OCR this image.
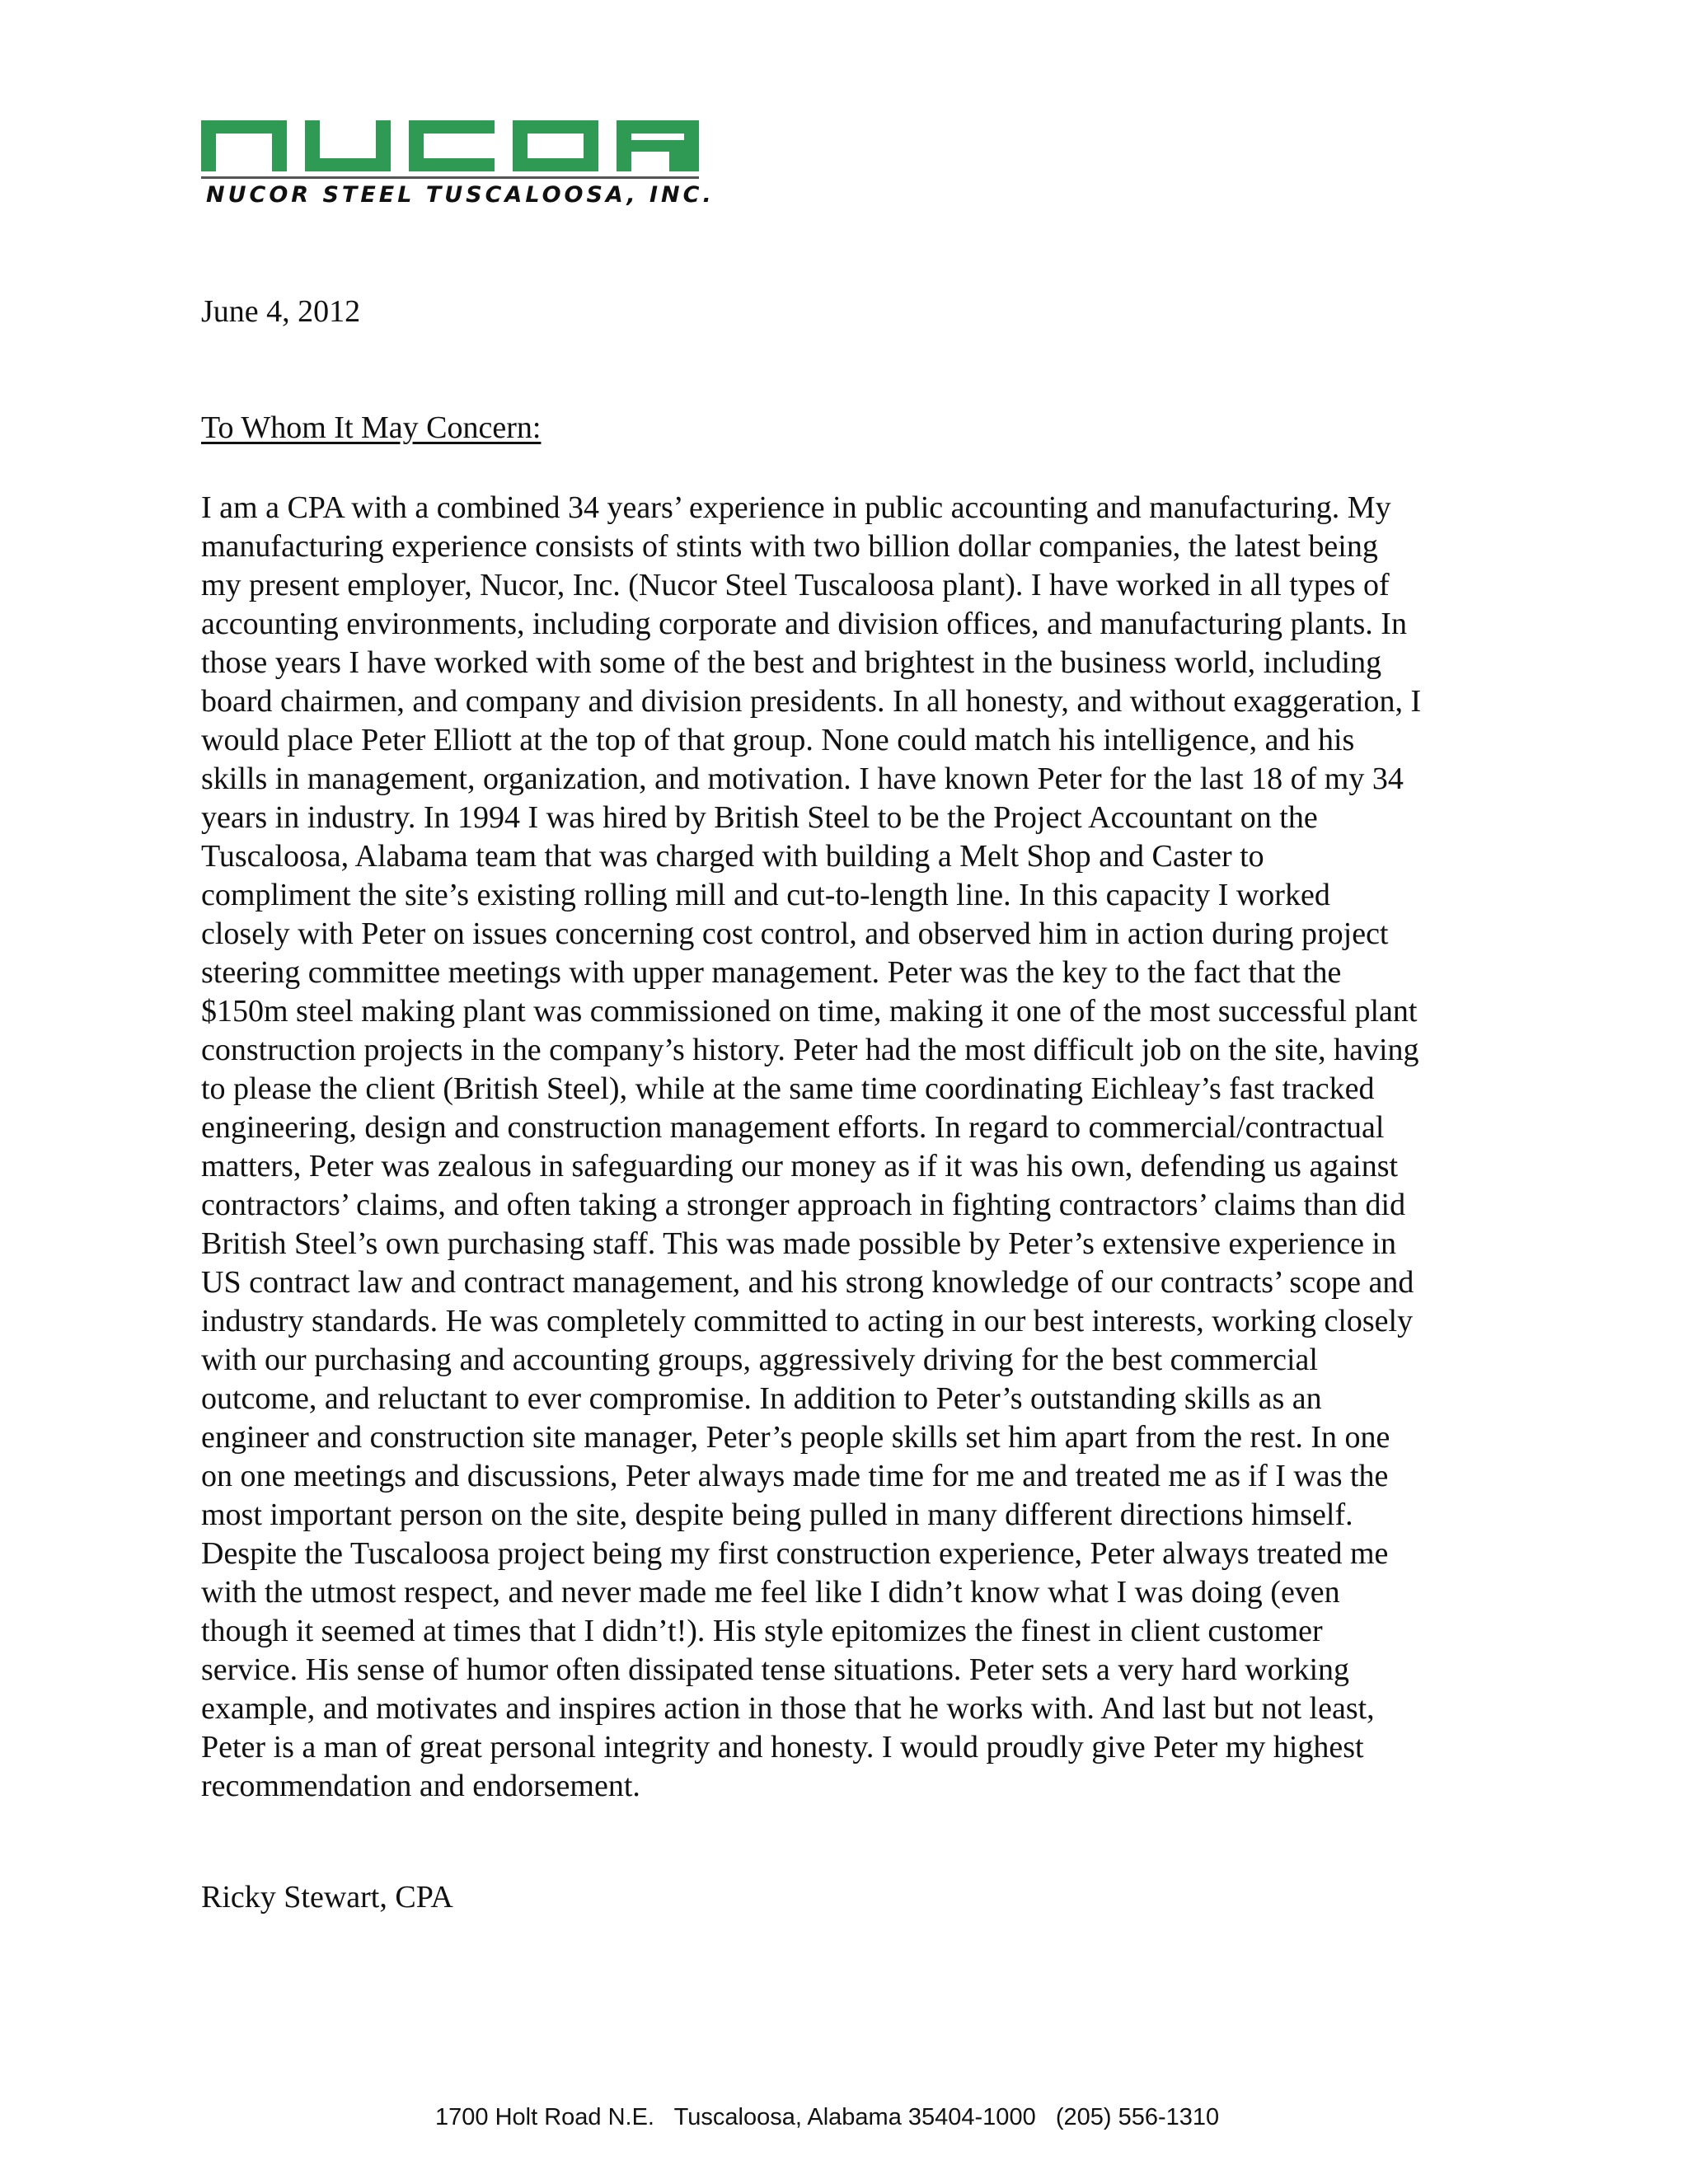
NUCOR STEEL TUSCALOOSA, INC.
June 4, 2012
To Whom It May Concern:

I am a CPA with a combined 34 years’ experience in public accounting and manufacturing. My
manufacturing experience consists of stints with two billion dollar companies, the latest being
my present employer, Nucor, Inc. (Nucor Steel Tuscaloosa plant). I have worked in all types of
accounting environments, including corporate and division offices, and manufacturing plants. In
those years I have worked with some of the best and brightest in the business world, including
board chairmen, and company and division presidents. In all honesty, and without exaggeration, I
would place Peter Elliott at the top of that group. None could match his intelligence, and his
skills in management, organization, and motivation. I have known Peter for the last 18 of my 34
years in industry. In 1994 I was hired by British Steel to be the Project Accountant on the
Tuscaloosa, Alabama team that was charged with building a Melt Shop and Caster to
compliment the site’s existing rolling mill and cut-to-length line. In this capacity I worked
closely with Peter on issues concerning cost control, and observed him in action during project
steering committee meetings with upper management. Peter was the key to the fact that the
$150m steel making plant was commissioned on time, making it one of the most successful plant
construction projects in the company’s history. Peter had the most difficult job on the site, having
to please the client (British Steel), while at the same time coordinating Eichleay’s fast tracked
engineering, design and construction management efforts. In regard to commercial/contractual
matters, Peter was zealous in safeguarding our money as if it was his own, defending us against
contractors’ claims, and often taking a stronger approach in fighting contractors’ claims than did
British Steel’s own purchasing staff. This was made possible by Peter’s extensive experience in
US contract law and contract management, and his strong knowledge of our contracts’ scope and
industry standards. He was completely committed to acting in our best interests, working closely
with our purchasing and accounting groups, aggressively driving for the best commercial
outcome, and reluctant to ever compromise. In addition to Peter’s outstanding skills as an
engineer and construction site manager, Peter’s people skills set him apart from the rest. In one
on one meetings and discussions, Peter always made time for me and treated me as if I was the
most important person on the site, despite being pulled in many different directions himself.
Despite the Tuscaloosa project being my first construction experience, Peter always treated me
with the utmost respect, and never made me feel like I didn’t know what I was doing (even
though it seemed at times that I didn’t!). His style epitomizes the finest in client customer
service. His sense of humor often dissipated tense situations. Peter sets a very hard working
example, and motivates and inspires action in those that he works with. And last but not least,
Peter is a man of great personal integrity and honesty. I would proudly give Peter my highest
recommendation and endorsement.

Ricky Stewart, CPA
1700 Holt Road N.E.   Tuscaloosa, Alabama 35404-1000   (205) 556-1310
